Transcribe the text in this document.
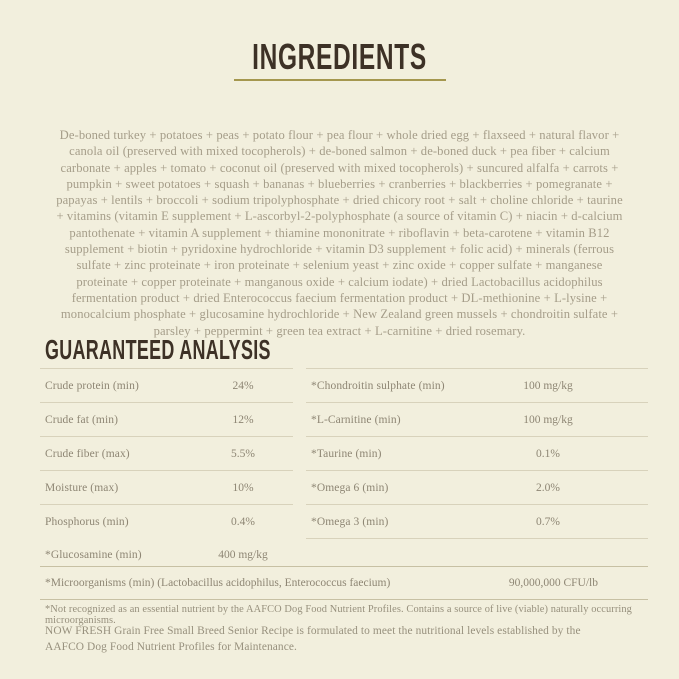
INGREDIENTS
De-boned turkey + potatoes + peas + potato flour + pea flour + whole dried egg + flaxseed + natural flavor + canola oil (preserved with mixed tocopherols) + de-boned salmon + de-boned duck + pea fiber + calcium carbonate + apples + tomato + coconut oil (preserved with mixed tocopherols) + suncured alfalfa + carrots + pumpkin + sweet potatoes + squash + bananas + blueberries + cranberries + blackberries + pomegranate + papayas + lentils + broccoli + sodium tripolyphosphate + dried chicory root + salt + choline chloride + taurine + vitamins (vitamin E supplement + L-ascorbyl-2-polyphosphate (a source of vitamin C) + niacin + d-calcium pantothenate + vitamin A supplement + thiamine mononitrate + riboflavin + beta-carotene + vitamin B12 supplement + biotin + pyridoxine hydrochloride + vitamin D3 supplement + folic acid) + minerals (ferrous sulfate + zinc proteinate + iron proteinate + selenium yeast + zinc oxide + copper sulfate + manganese proteinate + copper proteinate + manganous oxide + calcium iodate) + dried Lactobacillus acidophilus fermentation product + dried Enterococcus faecium fermentation product + DL-methionine + L-lysine + monocalcium phosphate + glucosamine hydrochloride + New Zealand green mussels + chondroitin sulfate + parsley + peppermint + green tea extract + L-carnitine + dried rosemary.
GUARANTEED ANALYSIS
Crude protein (min)	24%
Crude fat (min)	12%
Crude fiber (max)	5.5%
Moisture (max)	10%
Phosphorus (min)	0.4%
*Glucosamine (min)	400 mg/kg
*Chondroitin sulphate (min)	100 mg/kg
*L-Carnitine (min)	100 mg/kg
*Taurine (min)	0.1%
*Omega 6 (min)	2.0%
*Omega 3 (min)	0.7%
*Microorganisms (min) (Lactobacillus acidophilus, Enterococcus faecium)	90,000,000 CFU/lb
*Not recognized as an essential nutrient by the AAFCO Dog Food Nutrient Profiles. Contains a source of live (viable) naturally occurring microorganisms.
NOW FRESH Grain Free Small Breed Senior Recipe is formulated to meet the nutritional levels established by the AAFCO Dog Food Nutrient Profiles for Maintenance.
